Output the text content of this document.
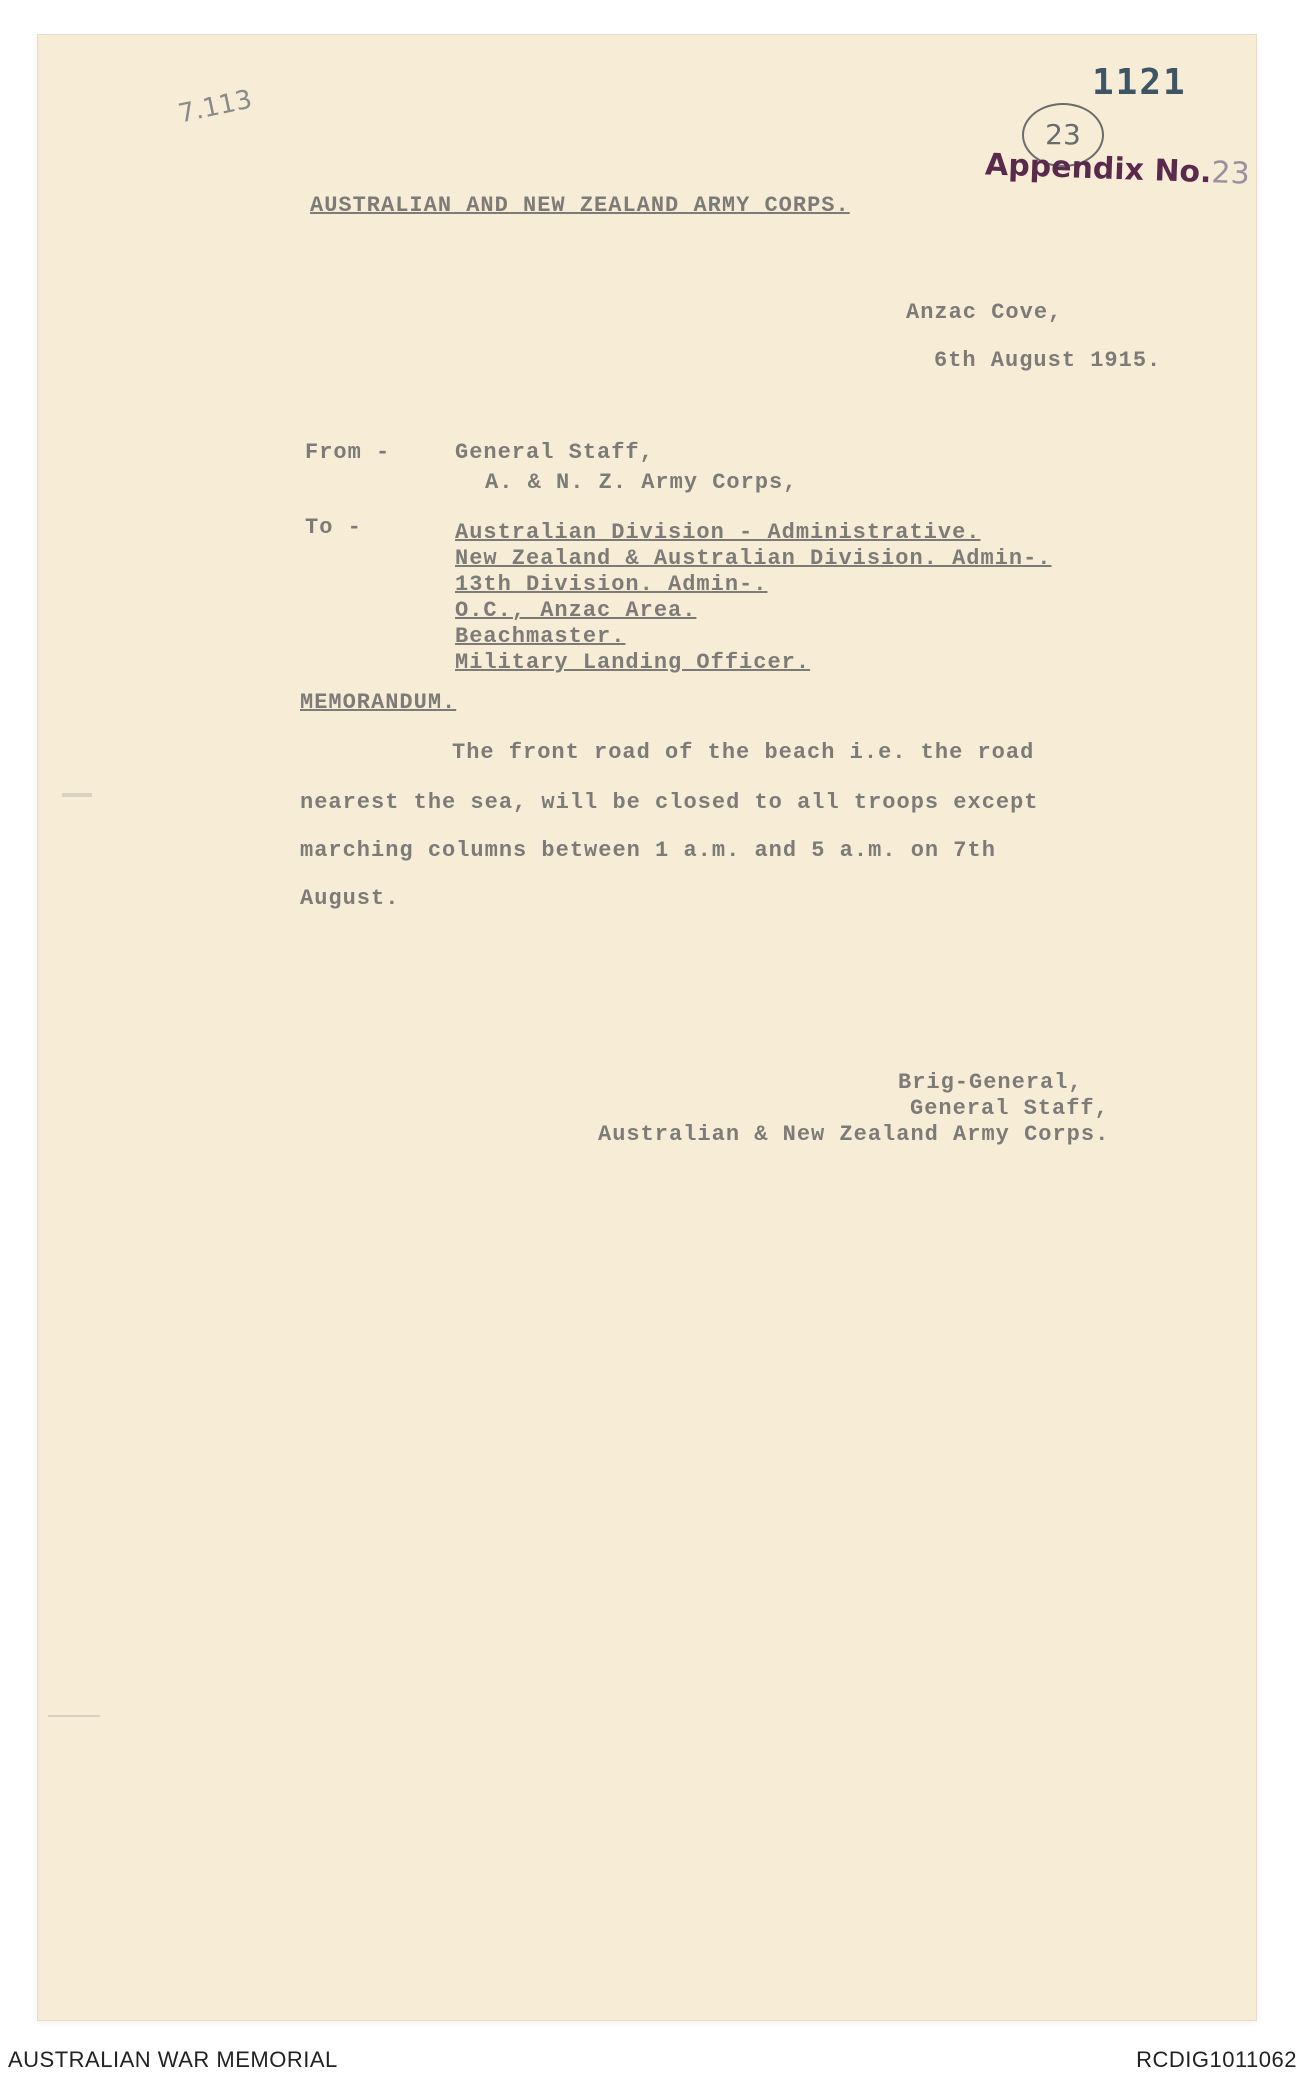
7.113
1121
23
Appendix No.23
AUSTRALIAN AND NEW ZEALAND ARMY CORPS.
Anzac Cove,
6th August 1915.
From -	General Staff,
A. & N. Z. Army Corps,
To -	Australian Division - Administrative.
New Zealand & Australian Division. Admin-.
13th Division. Admin-.
O.C., Anzac Area.
Beachmaster.
Military Landing Officer.
MEMORANDUM.
The front road of the beach i.e. the road
nearest the sea, will be closed to all troops except
marching columns between 1 a.m. and 5 a.m. on 7th
August.
Brig-General,
General Staff,
Australian & New Zealand Army Corps.
AUSTRALIAN WAR MEMORIAL	RCDIG1011062
